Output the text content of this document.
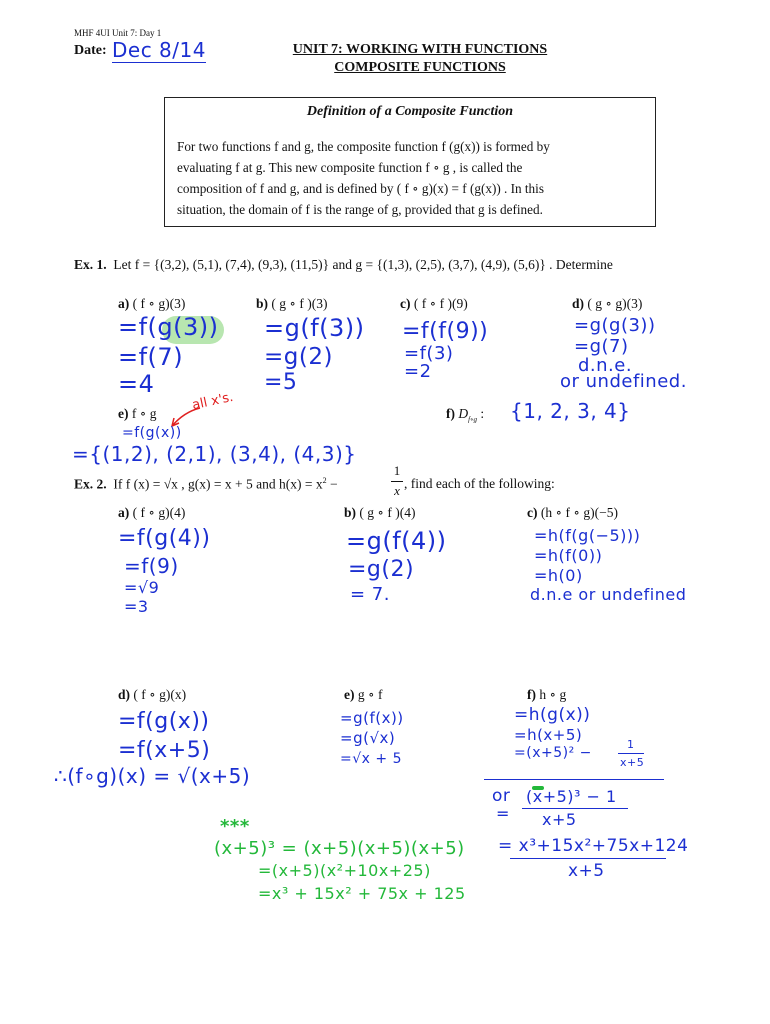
MHF 4UI Unit 7: Day 1
Date: Dec 8/14	UNIT 7: WORKING WITH FUNCTIONS
COMPOSITE FUNCTIONS
Definition of a Composite Function
For two functions f and g, the composite function f (g(x)) is formed by
evaluating f at g. This new composite function f ∘ g , is called the
composition of f and g, and is defined by ( f ∘ g)(x) = f (g(x)) . In this
situation, the domain of f is the range of g, provided that g is defined.
Ex. 1. Let f = {(3,2), (5,1), (7,4), (9,3), (11,5)} and g = {(1,3), (2,5), (3,7), (4,9), (5,6)} . Determine
a) ( f ∘ g)(3)
=f(g(3))
=f(7)
=4
b) ( g ∘ f )(3)
=g(f(3))
=g(2)
=5
c) ( f ∘ f )(9)
=f(f(9))
=f(3)
=2
d) ( g ∘ g)(3)
=g(g(3))
=g(7)
d.n.e.
or undefined.
e) f ∘ g
all x's.
=f(g(x))
={(1,2), (2,1), (3,4), (4,3)}
f) $D_{f\circ g}$ : {1, 2, 3, 4}
Ex. 2. If f (x) = √x , g(x) = x + 5 and $h(x) = x^2$ −
1
x , find each of the following:
a) ( f ∘ g)(4)
=f(g(4))
=f(9)
=√9
=3
b) ( g ∘ f )(4)
=g(f(4))
=g(2)
= 7.
c) (h ∘ f ∘ g)(−5)
=h(f(g(−5)))
=h(f(0))
=h(0)
d.n.e or undefined
d) ( f ∘ g)(x)
=f(g(x))
=f(x+5)
∴(f∘g)(x) = √(x+5)
e) g ∘ f
=g(f(x))
=g(√x)
=√x + 5
f) h ∘ g
=h(g(x))
=h(x+5)
=(x+5)² −
1
x+5
or (x+5)³ − 1
x+5
=
= x³+15x²+75x+124
x+5
***
(x+5)³ = (x+5)(x+5)(x+5)
=(x+5)(x²+10x+25)
=x³ + 15x² + 75x + 125
